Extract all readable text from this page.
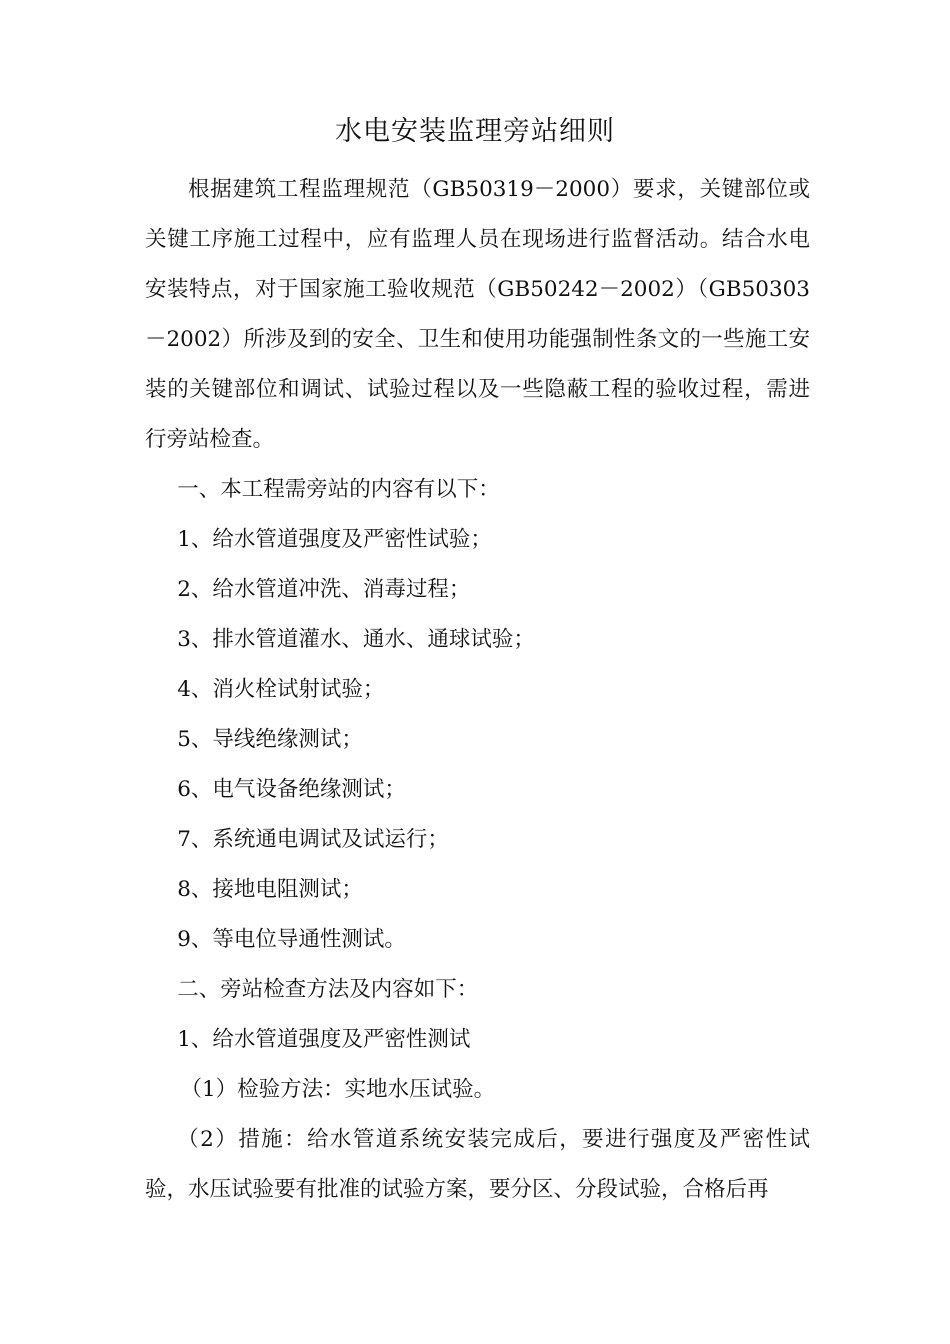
水电安装监理旁站细则

根据建筑工程监理规范（GB50319－2000）要求，关键部位或关键工序施工过程中，应有监理人员在现场进行监督活动。结合水电安装特点，对于国家施工验收规范（GB50242－2002）（GB50303－2002）所涉及到的安全、卫生和使用功能强制性条文的一些施工安装的关键部位和调试、试验过程以及一些隐蔽工程的验收过程，需进行旁站检查。

一、本工程需旁站的内容有以下：

1、给水管道强度及严密性试验；

2、给水管道冲洗、消毒过程；

3、排水管道灌水、通水、通球试验；

4、消火栓试射试验；

5、导线绝缘测试；

6、电气设备绝缘测试；

7、系统通电调试及试运行；

8、接地电阻测试；

9、等电位导通性测试。

二、旁站检查方法及内容如下：

1、给水管道强度及严密性测试

（1）检验方法：实地水压试验。

（2）措施：给水管道系统安装完成后，要进行强度及严密性试验，水压试验要有批准的试验方案，要分区、分段试验，合格后再
